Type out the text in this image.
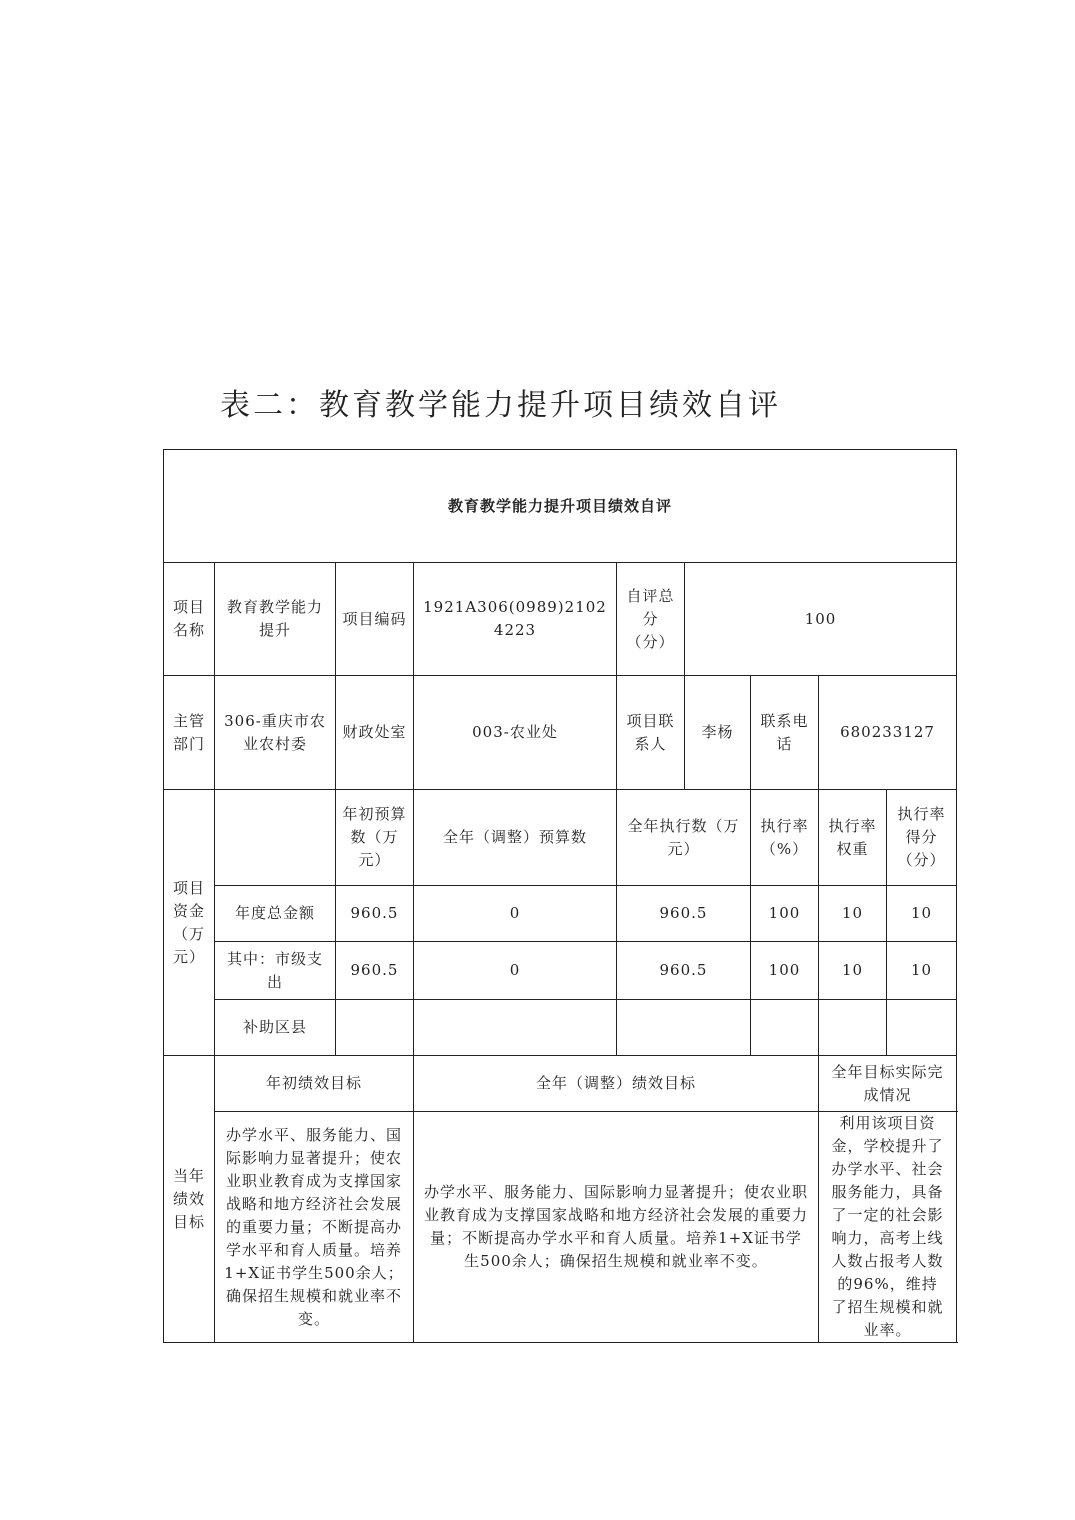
表二：教育教学能力提升项目绩效自评
教育教学能力提升项目绩效自评								
项目名称	教育教学能力提升	项目编码	1921A306(0989)21024223	自评总分（分）	100			
主管部门	306-重庆市农业农村委	财政处室	003-农业处	项目联系人	李杨	联系电话	680233127	
项目资金（万元）		年初预算数（万元）	全年（调整）预算数	全年执行数（万元）		执行率（%）	执行率权重	执行率得分（分）
	年度总金额	960.5	0	960.5		100	10	10
	其中：市级支出	960.5	0	960.5		100	10	10
	补助区县							
当年绩效目标	年初绩效目标		全年（调整）绩效目标				全年目标实际完成情况	
	办学水平、服务能力、国际影响力显著提升；使农业职业教育成为支撑国家战略和地方经济社会发展的重要力量；不断提高办学水平和育人质量。培养1+X证书学生500余人；确保招生规模和就业率不变。		办学水平、服务能力、国际影响力显著提升；使农业职业教育成为支撑国家战略和地方经济社会发展的重要力量；不断提高办学水平和育人质量。培养1+X证书学生500余人；确保招生规模和就业率不变。				利用该项目资金，学校提升了办学水平、社会服务能力，具备了一定的社会影响力，高考上线人数占报考人数的96%，维持了招生规模和就业率。	
